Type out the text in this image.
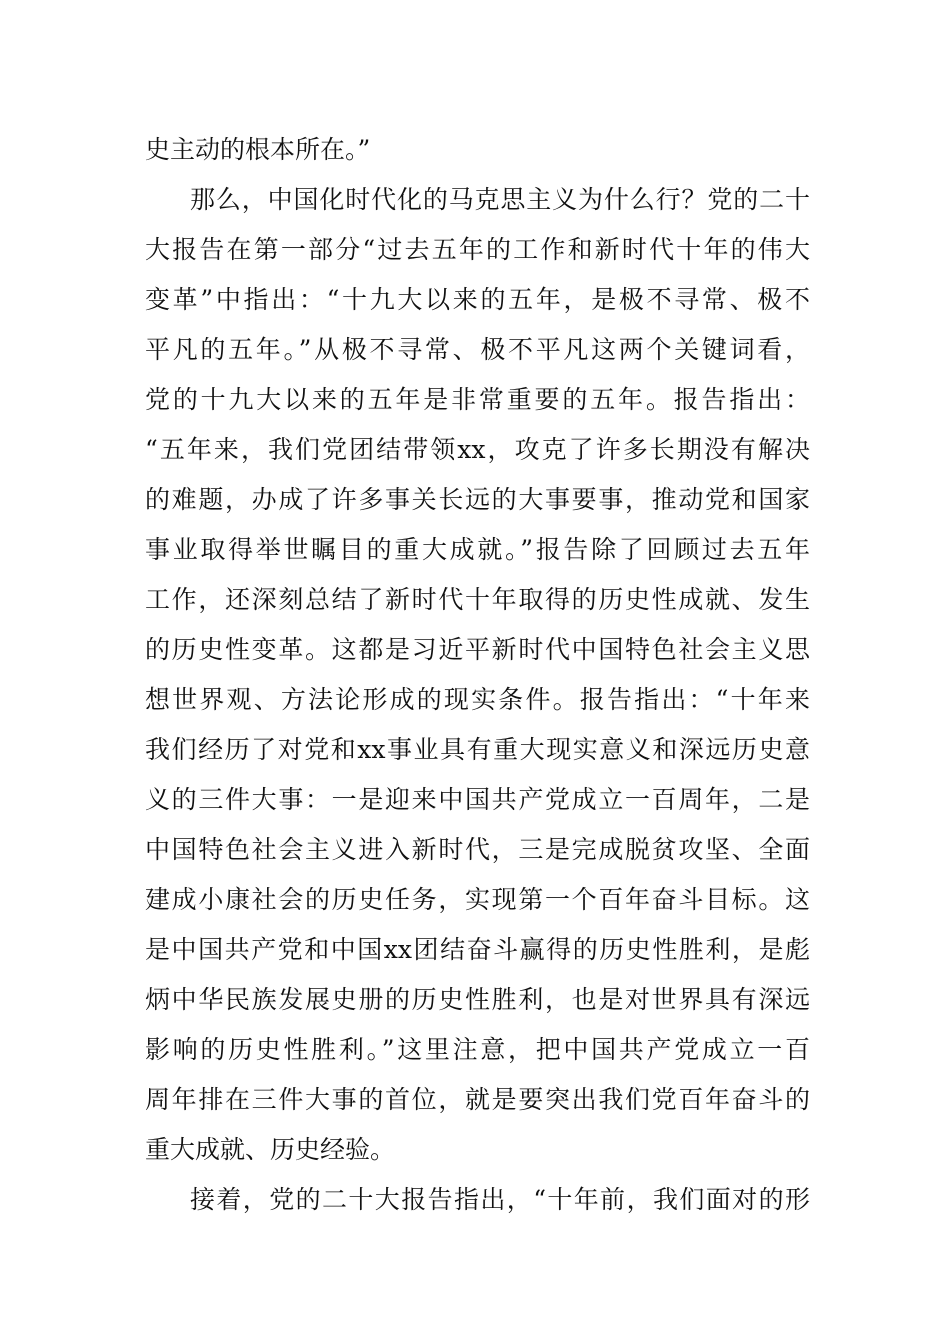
史主动的根本所在。”
那么，中国化时代化的马克思主义为什么行？党的二十
大报告在第一部分“过去五年的工作和新时代十年的伟大
变革”中指出：“十九大以来的五年，是极不寻常、极不
平凡的五年。”从极不寻常、极不平凡这两个关键词看，
党的十九大以来的五年是非常重要的五年。报告指出：
“五年来，我们党团结带领xx，攻克了许多长期没有解决
的难题，办成了许多事关长远的大事要事，推动党和国家
事业取得举世瞩目的重大成就。”报告除了回顾过去五年
工作，还深刻总结了新时代十年取得的历史性成就、发生
的历史性变革。这都是习近平新时代中国特色社会主义思
想世界观、方法论形成的现实条件。报告指出：“十年来
我们经历了对党和xx事业具有重大现实意义和深远历史意
义的三件大事：一是迎来中国共产党成立一百周年，二是
中国特色社会主义进入新时代，三是完成脱贫攻坚、全面
建成小康社会的历史任务，实现第一个百年奋斗目标。这
是中国共产党和中国xx团结奋斗赢得的历史性胜利，是彪
炳中华民族发展史册的历史性胜利，也是对世界具有深远
影响的历史性胜利。”这里注意，把中国共产党成立一百
周年排在三件大事的首位，就是要突出我们党百年奋斗的
重大成就、历史经验。
接着，党的二十大报告指出，“十年前，我们面对的形
